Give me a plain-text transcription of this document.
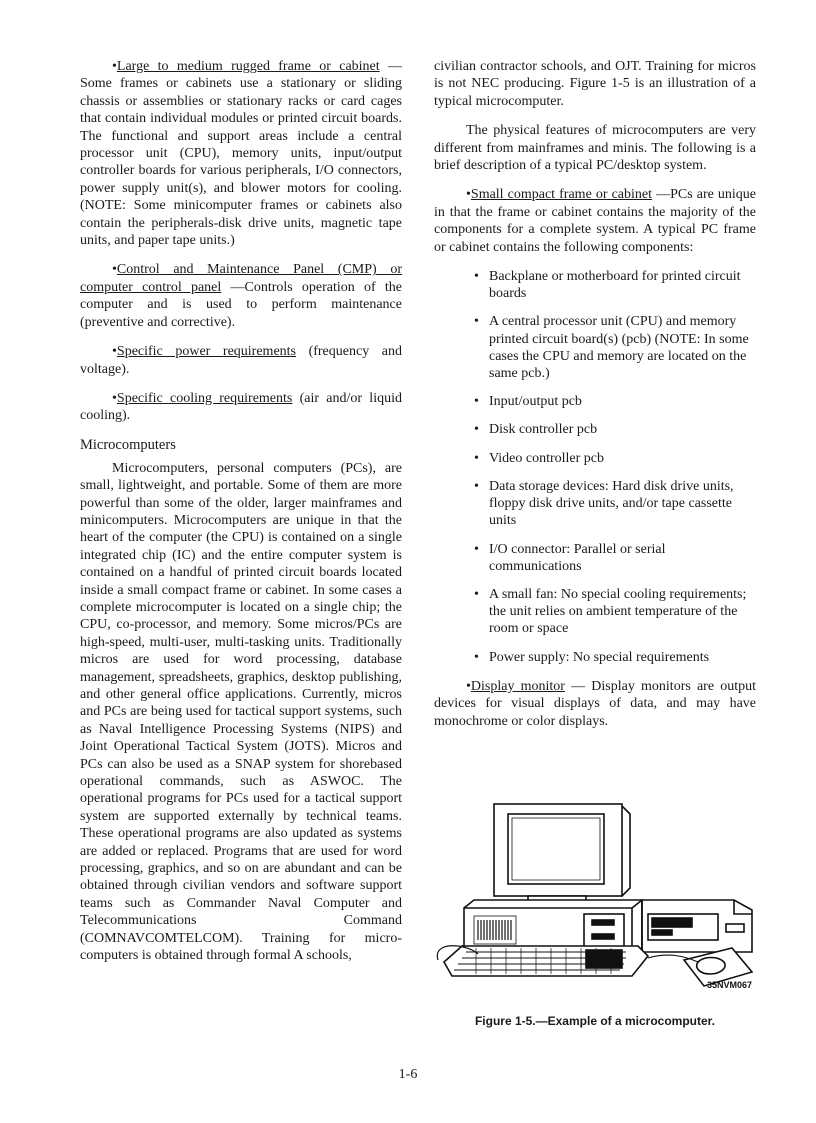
•Large to medium rugged frame or cabinet — Some frames or cabinets use a stationary or sliding chassis or assemblies or stationary racks or card cages that contain individual modules or printed circuit boards. The functional and support areas include a central processor unit (CPU), memory units, input/output controller boards for various peripherals, I/O connectors, power supply unit(s), and blower motors for cooling. (NOTE: Some minicomputer frames or cabinets also contain the peripherals-disk drive units, magnetic tape units, and paper tape units.)

•Control and Maintenance Panel (CMP) or computer control panel —Controls operation of the computer and is used to perform maintenance (preventive and corrective).

•Specific power requirements (frequency and voltage).

•Specific cooling requirements (air and/or liquid cooling).

Microcomputers

Microcomputers, personal computers (PCs), are small, lightweight, and portable. Some of them are more powerful than some of the older, larger mainframes and minicomputers. Microcomputers are unique in that the heart of the computer (the CPU) is contained on a single integrated chip (IC) and the entire computer system is contained on a handful of printed circuit boards located inside a small compact frame or cabinet. In some cases a complete microcomputer is located on a single chip; the CPU, co-processor, and memory. Some micros/PCs are high-speed, multi-user, multi-tasking units. Traditionally micros are used for word processing, database management, spreadsheets, graphics, desktop publishing, and other general office applications. Currently, micros and PCs are being used for tactical support systems, such as Naval Intelligence Processing Systems (NIPS) and Joint Operational Tactical System (JOTS). Micros and PCs can also be used as a SNAP system for shorebased operational commands, such as ASWOC. The operational programs for PCs used for a tactical support system are supported externally by technical teams. These operational programs are also updated as systems are added or replaced. Programs that are used for word processing, graphics, and so on are abundant and can be obtained through civilian vendors and software support teams such as Commander Naval Computer and Telecommunications Command (COMNAVCOMTELCOM). Training for micro-computers is obtained through formal A schools,

civilian contractor schools, and OJT. Training for micros is not NEC producing. Figure 1-5 is an illustration of a typical microcomputer.

The physical features of microcomputers are very different from mainframes and minis. The following is a brief description of a typical PC/desktop system.

•Small compact frame or cabinet —PCs are unique in that the frame or cabinet contains the majority of the components for a complete system. A typical PC frame or cabinet contains the following components:

• Backplane or motherboard for printed circuit boards
• A central processor unit (CPU) and memory printed circuit board(s) (pcb) (NOTE: In some cases the CPU and memory are located on the same pcb.)
• Input/output pcb
• Disk controller pcb
• Video controller pcb
• Data storage devices: Hard disk drive units, floppy disk drive units, and/or tape cassette units
• I/O connector: Parallel or serial communications
• A small fan: No special cooling requirements; the unit relies on ambient temperature of the room or space
• Power supply: No special requirements

•Display monitor — Display monitors are output devices for visual displays of data, and may have monochrome or color displays.

35NVM067
Figure 1-5.—Example of a microcomputer.
1-6
